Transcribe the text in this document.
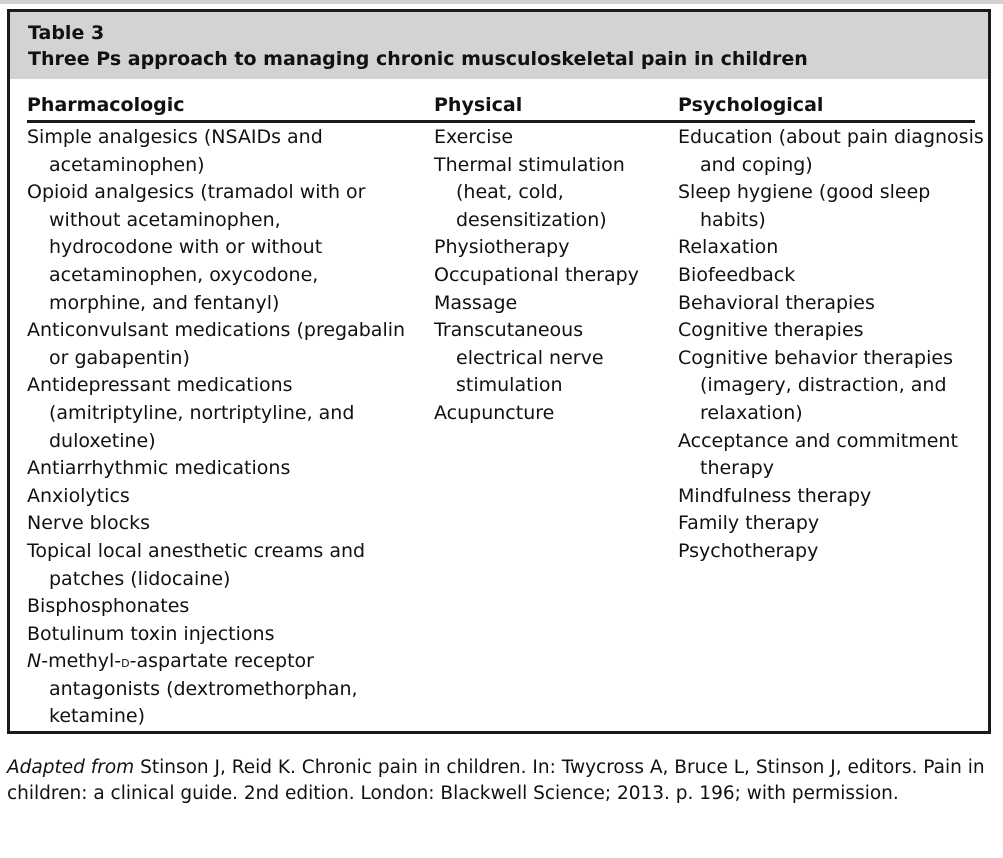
Table 3
Three Ps approach to managing chronic musculoskeletal pain in children
Pharmacologic	Physical	Psychological
Simple analgesics (NSAIDs and acetaminophen)
Opioid analgesics (tramadol with or without acetaminophen, hydrocodone with or without acetaminophen, oxycodone, morphine, and fentanyl)
Anticonvulsant medications (pregabalin or gabapentin)
Antidepressant medications (amitriptyline, nortriptyline, and duloxetine)
Antiarrhythmic medications
Anxiolytics
Nerve blocks
Topical local anesthetic creams and patches (lidocaine)
Bisphosphonates
Botulinum toxin injections
N-methyl-d-aspartate receptor antagonists (dextromethorphan, ketamine)
Exercise
Thermal stimulation (heat, cold, desensitization)
Physiotherapy
Occupational therapy
Massage
Transcutaneous electrical nerve stimulation
Acupuncture
Education (about pain diagnosis and coping)
Sleep hygiene (good sleep habits)
Relaxation
Biofeedback
Behavioral therapies
Cognitive therapies
Cognitive behavior therapies (imagery, distraction, and relaxation)
Acceptance and commitment therapy
Mindfulness therapy
Family therapy
Psychotherapy
Adapted from Stinson J, Reid K. Chronic pain in children. In: Twycross A, Bruce L, Stinson J, editors. Pain in children: a clinical guide. 2nd edition. London: Blackwell Science; 2013. p. 196; with permission.
